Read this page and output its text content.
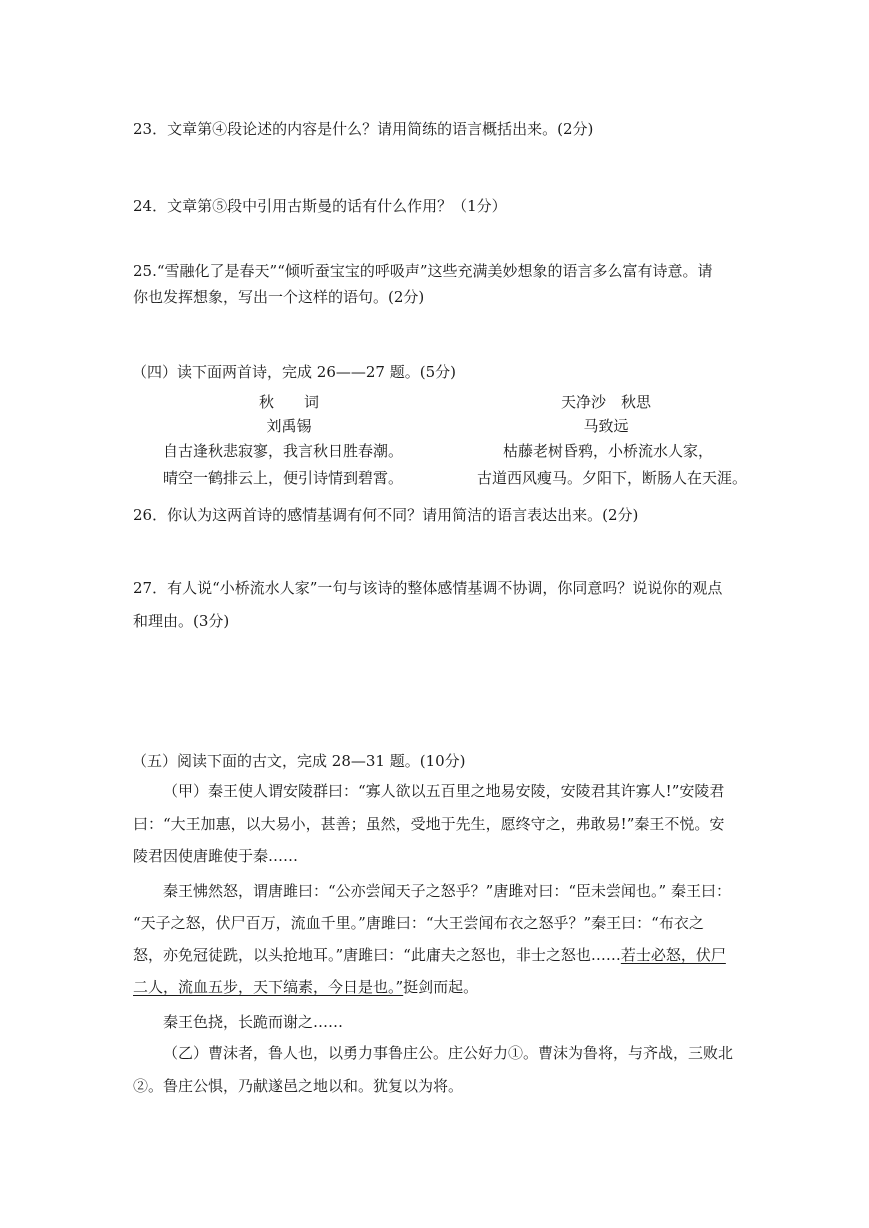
23．文章第④段论述的内容是什么？请用简练的语言概括出来。(2分)
24．文章第⑤段中引用古斯曼的话有什么作用？（1分）
25.“雪融化了是春天”“倾听蚕宝宝的呼吸声”这些充满美妙想象的语言多么富有诗意。请
你也发挥想象，写出一个这样的语句。(2分)
（四）读下面两首诗，完成 26——27 题。(5分)
秋　　词
刘禹锡
自古逢秋悲寂寥，我言秋日胜春潮。
晴空一鹤排云上，便引诗情到碧霄。
天净沙　秋思
马致远
枯藤老树昏鸦，小桥流水人家，
古道西风瘦马。夕阳下，断肠人在天涯。
26．你认为这两首诗的感情基调有何不同？请用简洁的语言表达出来。(2分)
27．有人说“小桥流水人家”一句与该诗的整体感情基调不协调，你同意吗？说说你的观点
和理由。(3分)
（五）阅读下面的古文，完成 28—31 题。(10分)
（甲）秦王使人谓安陵群曰：“寡人欲以五百里之地易安陵，安陵君其许寡人!”安陵君
曰：“大王加惠，以大易小，甚善；虽然，受地于先生，愿终守之，弗敢易!”秦王不悦。安
陵君因使唐雎使于秦……
秦王怫然怒，谓唐雎曰：“公亦尝闻天子之怒乎？”唐雎对曰：“臣未尝闻也。” 秦王曰：
“天子之怒，伏尸百万，流血千里。”唐雎曰：“大王尝闻布衣之怒乎？”秦王曰：“布衣之
怒，亦免冠徒跣，以头抢地耳。”唐雎曰：“此庸夫之怒也，非士之怒也……若士必怒，伏尸
二人，流血五步，天下缟素，今日是也。”挺剑而起。
秦王色挠，长跪而谢之……
（乙）曹沫者，鲁人也，以勇力事鲁庄公。庄公好力①。曹沫为鲁将，与齐战，三败北
②。鲁庄公惧，乃献遂邑之地以和。犹复以为将。
